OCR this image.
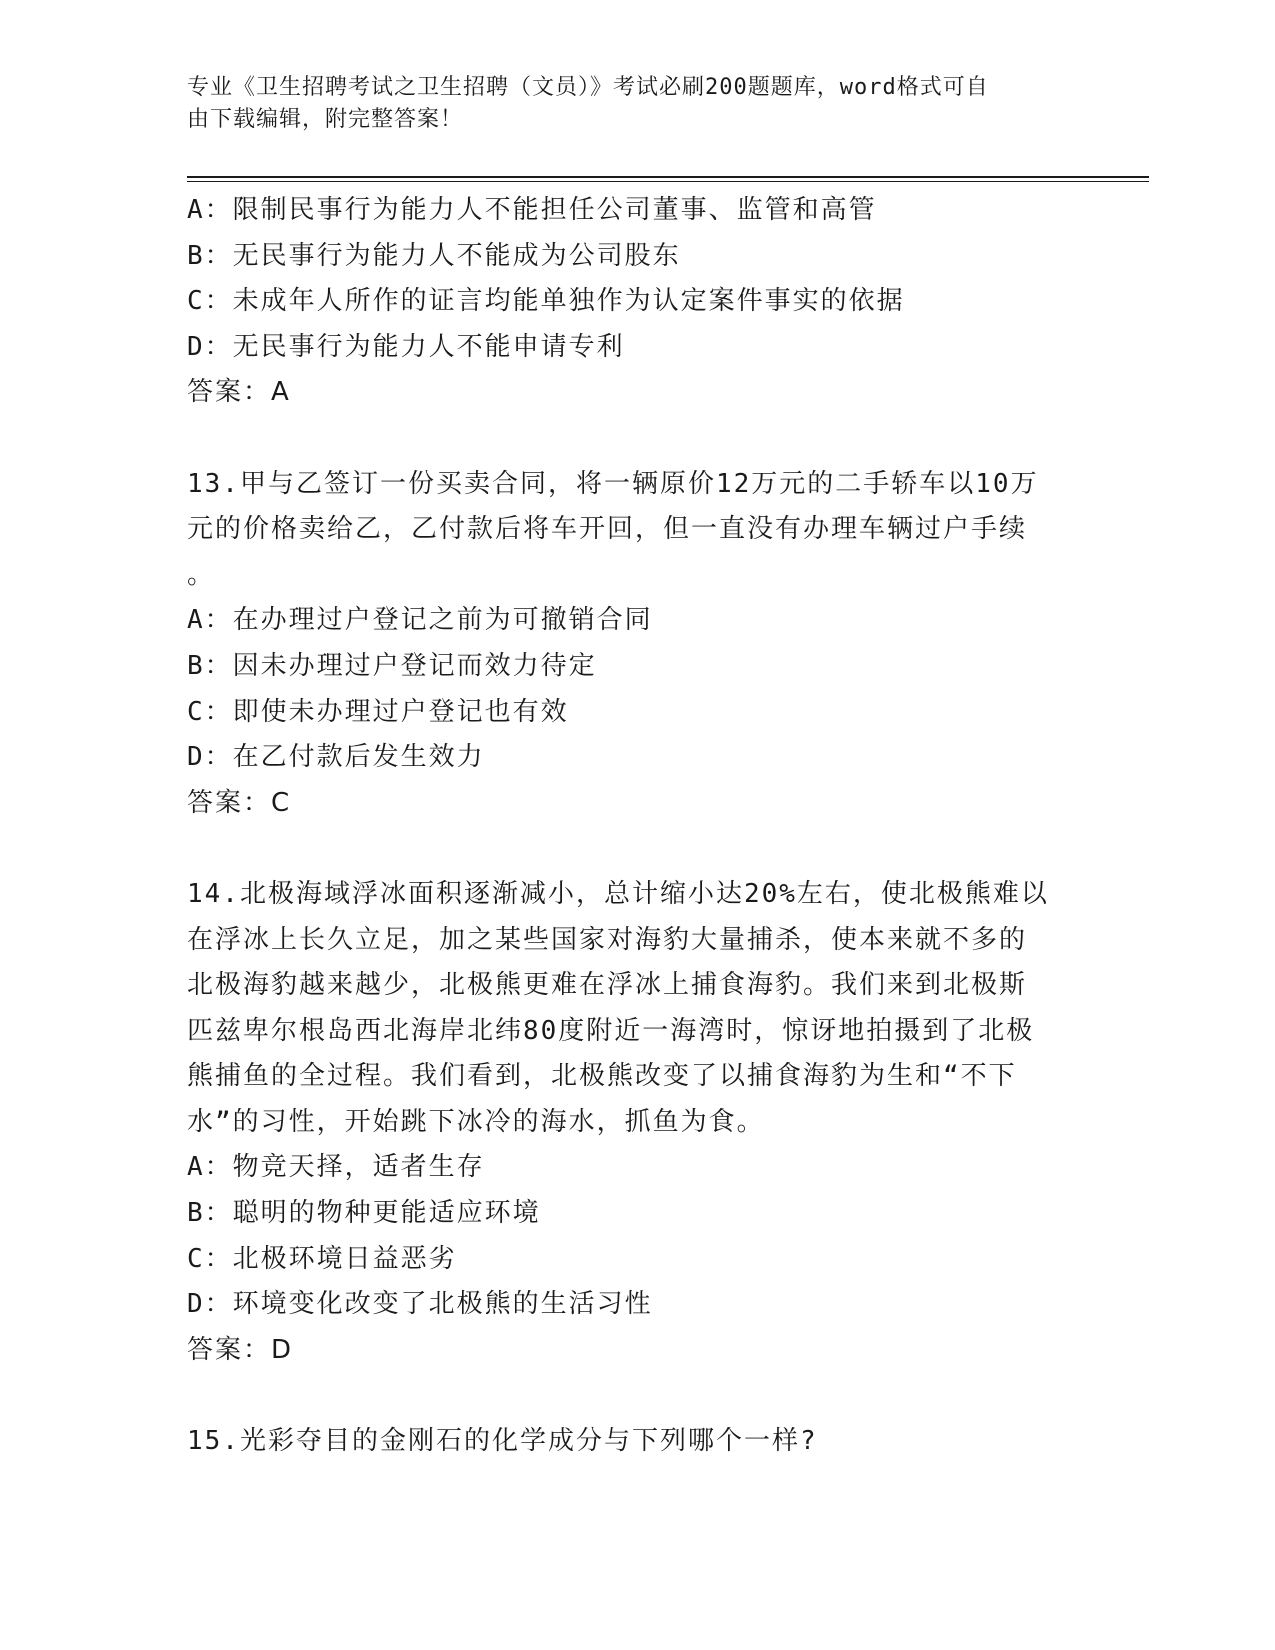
专业《卫生招聘考试之卫生招聘（文员）》考试必刷200题题库，word格式可自
由下载编辑，附完整答案！
A：限制民事行为能力人不能担任公司董事、监管和高管
B：无民事行为能力人不能成为公司股东
C：未成年人所作的证言均能单独作为认定案件事实的依据
D：无民事行为能力人不能申请专利
答案：A
13.甲与乙签订一份买卖合同，将一辆原价12万元的二手轿车以10万
元的价格卖给乙，乙付款后将车开回，但一直没有办理车辆过户手续
。
A：在办理过户登记之前为可撤销合同
B：因未办理过户登记而效力待定
C：即使未办理过户登记也有效
D：在乙付款后发生效力
答案：C
14.北极海域浮冰面积逐渐减小，总计缩小达20%左右，使北极熊难以
在浮冰上长久立足，加之某些国家对海豹大量捕杀，使本来就不多的
北极海豹越来越少，北极熊更难在浮冰上捕食海豹。我们来到北极斯
匹兹卑尔根岛西北海岸北纬80度附近一海湾时，惊讶地拍摄到了北极
熊捕鱼的全过程。我们看到，北极熊改变了以捕食海豹为生和“不下
水”的习性，开始跳下冰冷的海水，抓鱼为食。
A：物竞天择，适者生存
B：聪明的物种更能适应环境
C：北极环境日益恶劣
D：环境变化改变了北极熊的生活习性
答案：D
15.光彩夺目的金刚石的化学成分与下列哪个一样?
